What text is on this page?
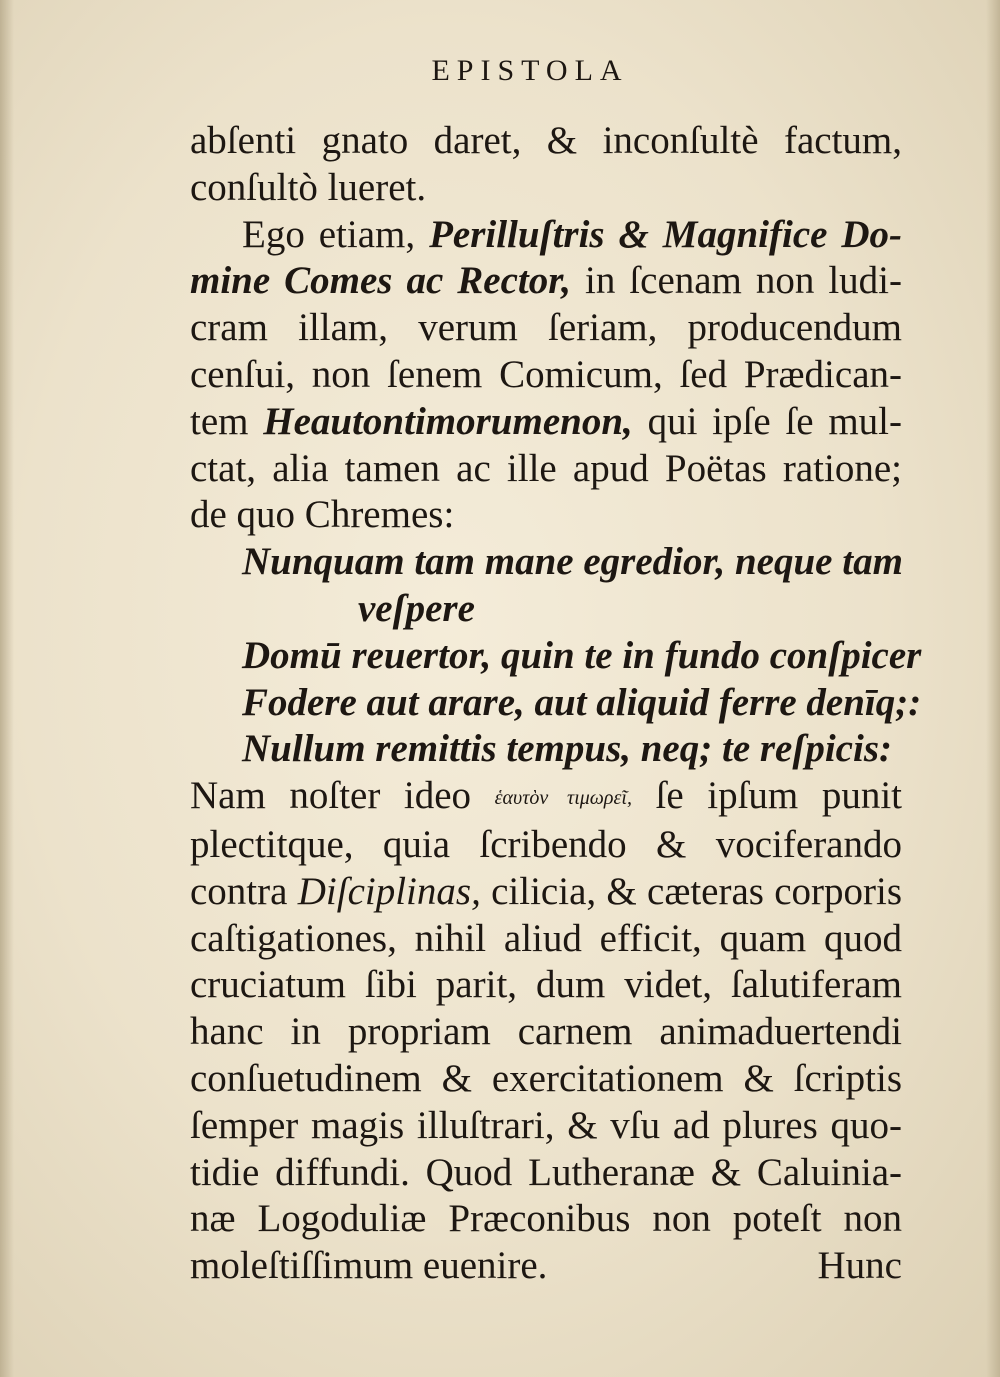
EPISTOLA
abſenti gnato daret, & inconſultè factum,
conſultò lueret.
Ego etiam, Perilluſtris & Magnifice Do-
mine Comes ac Rector, in ſcenam non ludi-
cram illam, verum ſeriam, producendum
cenſui, non ſenem Comicum, ſed Prædican-
tem Heautontimorumenon, qui ipſe ſe mul-
ctat, alia tamen ac ille apud Poëtas ratione;
de quo Chremes:
Nunquam tam mane egredior, neque tam
veſpere
Domū reuertor, quin te in fundo conſpicer
Fodere aut arare, aut aliquid ferre denīq;:
Nullum remittis tempus, neq; te reſpicis:
Nam noſter ideo ἑαυτὸν τιμωρεῖ, ſe ipſum punit
plectitque, quia ſcribendo & vociferando
contra Diſciplinas, cilicia, & cæteras corporis
caſtigationes, nihil aliud efficit, quam quod
cruciatum ſibi parit, dum videt, ſalutiferam
hanc in propriam carnem animaduertendi
conſuetudinem & exercitationem & ſcriptis
ſemper magis illuſtrari, & vſu ad plures quo-
tidie diffundi. Quod Lutheranæ & Caluinia-
næ Logoduliæ Præconibus non poteſt non
moleſtiſſimum euenire.	Hunc
